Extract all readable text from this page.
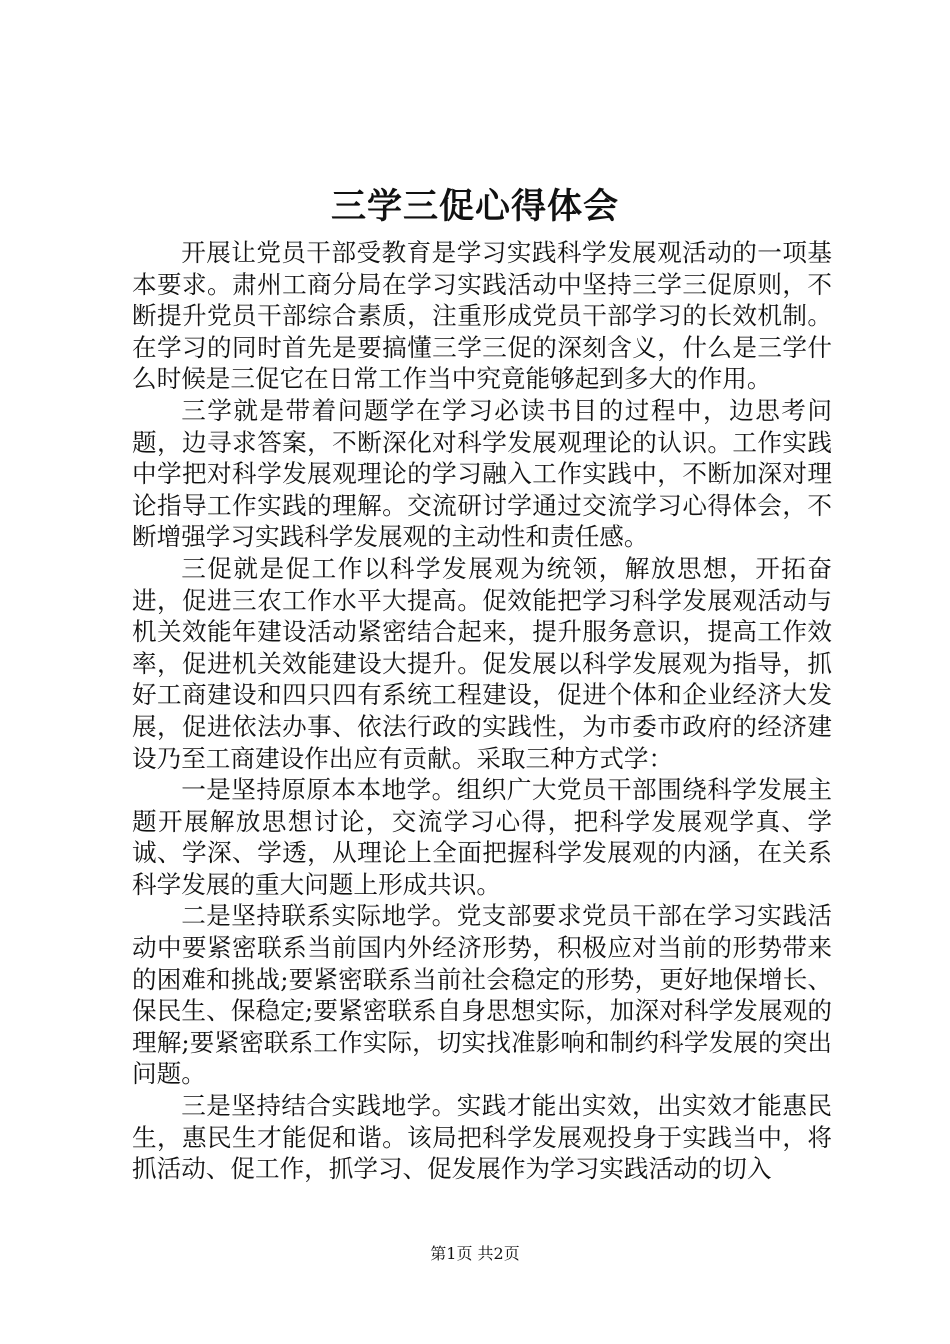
三学三促心得体会

开展让党员干部受教育是学习实践科学发展观活动的一项基本要求。肃州工商分局在学习实践活动中坚持三学三促原则，不断提升党员干部综合素质，注重形成党员干部学习的长效机制。在学习的同时首先是要搞懂三学三促的深刻含义，什么是三学什么时候是三促它在日常工作当中究竟能够起到多大的作用。

三学就是带着问题学在学习必读书目的过程中，边思考问题，边寻求答案，不断深化对科学发展观理论的认识。工作实践中学把对科学发展观理论的学习融入工作实践中，不断加深对理论指导工作实践的理解。交流研讨学通过交流学习心得体会，不断增强学习实践科学发展观的主动性和责任感。

三促就是促工作以科学发展观为统领，解放思想，开拓奋进，促进三农工作水平大提高。促效能把学习科学发展观活动与机关效能年建设活动紧密结合起来，提升服务意识，提高工作效率，促进机关效能建设大提升。促发展以科学发展观为指导，抓好工商建设和四只四有系统工程建设，促进个体和企业经济大发展，促进依法办事、依法行政的实践性，为市委市政府的经济建设乃至工商建设作出应有贡献。采取三种方式学：

一是坚持原原本本地学。组织广大党员干部围绕科学发展主题开展解放思想讨论，交流学习心得，把科学发展观学真、学诚、学深、学透，从理论上全面把握科学发展观的内涵，在关系科学发展的重大问题上形成共识。

二是坚持联系实际地学。党支部要求党员干部在学习实践活动中要紧密联系当前国内外经济形势，积极应对当前的形势带来的困难和挑战;要紧密联系当前社会稳定的形势，更好地保增长、保民生、保稳定;要紧密联系自身思想实际，加深对科学发展观的理解;要紧密联系工作实际，切实找准影响和制约科学发展的突出问题。

三是坚持结合实践地学。实践才能出实效，出实效才能惠民生，惠民生才能促和谐。该局把科学发展观投身于实践当中，将抓活动、促工作，抓学习、促发展作为学习实践活动的切入

第1页 共2页
